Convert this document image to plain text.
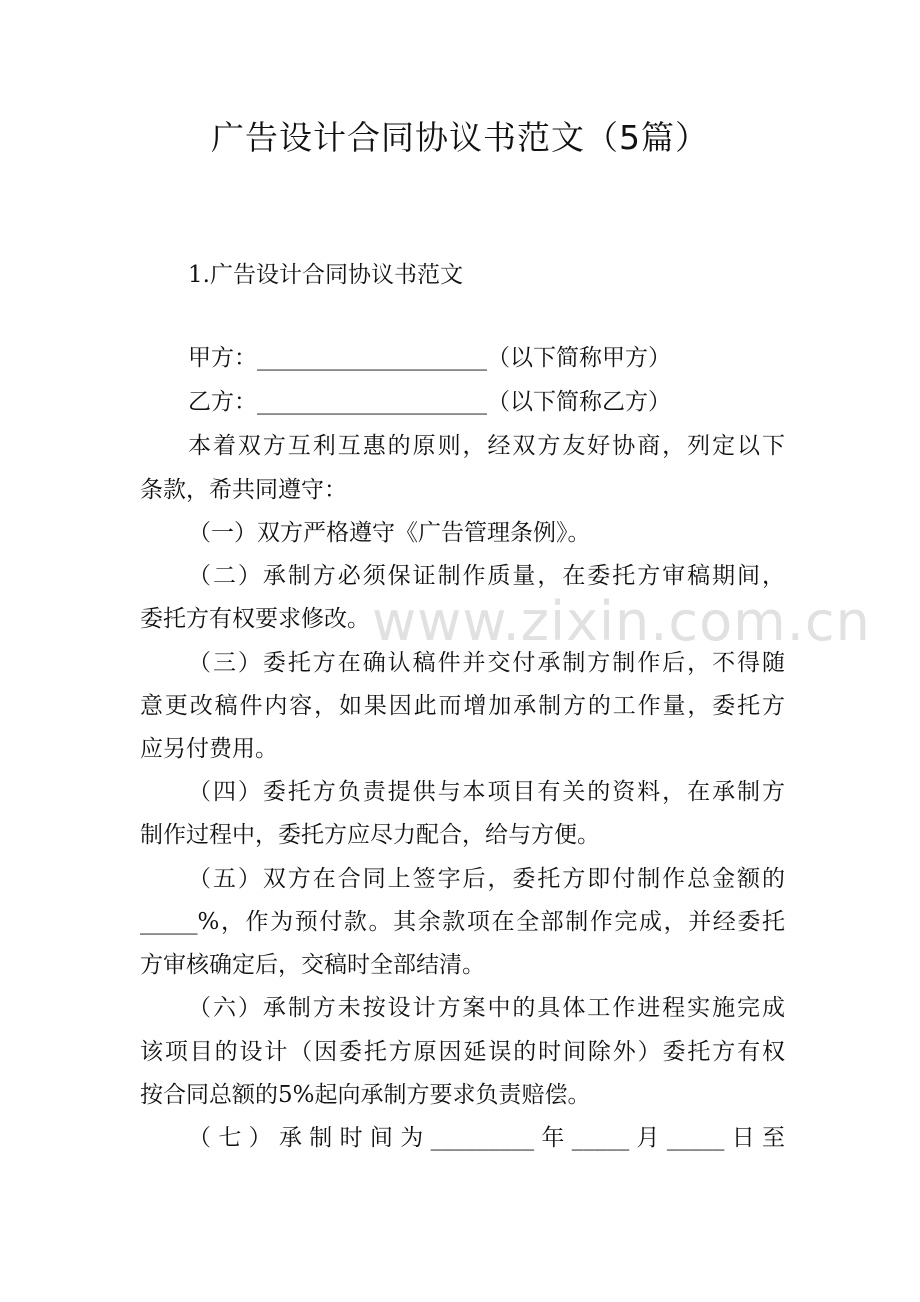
广告设计合同协议书范文（5篇）
1.广告设计合同协议书范文
甲方：____________________（以下简称甲方）
乙方：____________________（以下简称乙方）
本着双方互利互惠的原则，经双方友好协商，列定以下
条款，希共同遵守：
（一）双方严格遵守《广告管理条例》。
（二）承制方必须保证制作质量，在委托方审稿期间，
委托方有权要求修改。
（三）委托方在确认稿件并交付承制方制作后，不得随
意更改稿件内容，如果因此而增加承制方的工作量，委托方
应另付费用。
（四）委托方负责提供与本项目有关的资料，在承制方
制作过程中，委托方应尽力配合，给与方便。
（五）双方在合同上签字后，委托方即付制作总金额的
_____%，作为预付款。其余款项在全部制作完成，并经委托
方审核确定后，交稿时全部结清。
（六）承制方未按设计方案中的具体工作进程实施完成
该项目的设计（因委托方原因延误的时间除外）委托方有权
按合同总额的5%起向承制方要求负责赔偿。
（七）承制时间为_________年_____月_____日至
www.zixin.com.cn
